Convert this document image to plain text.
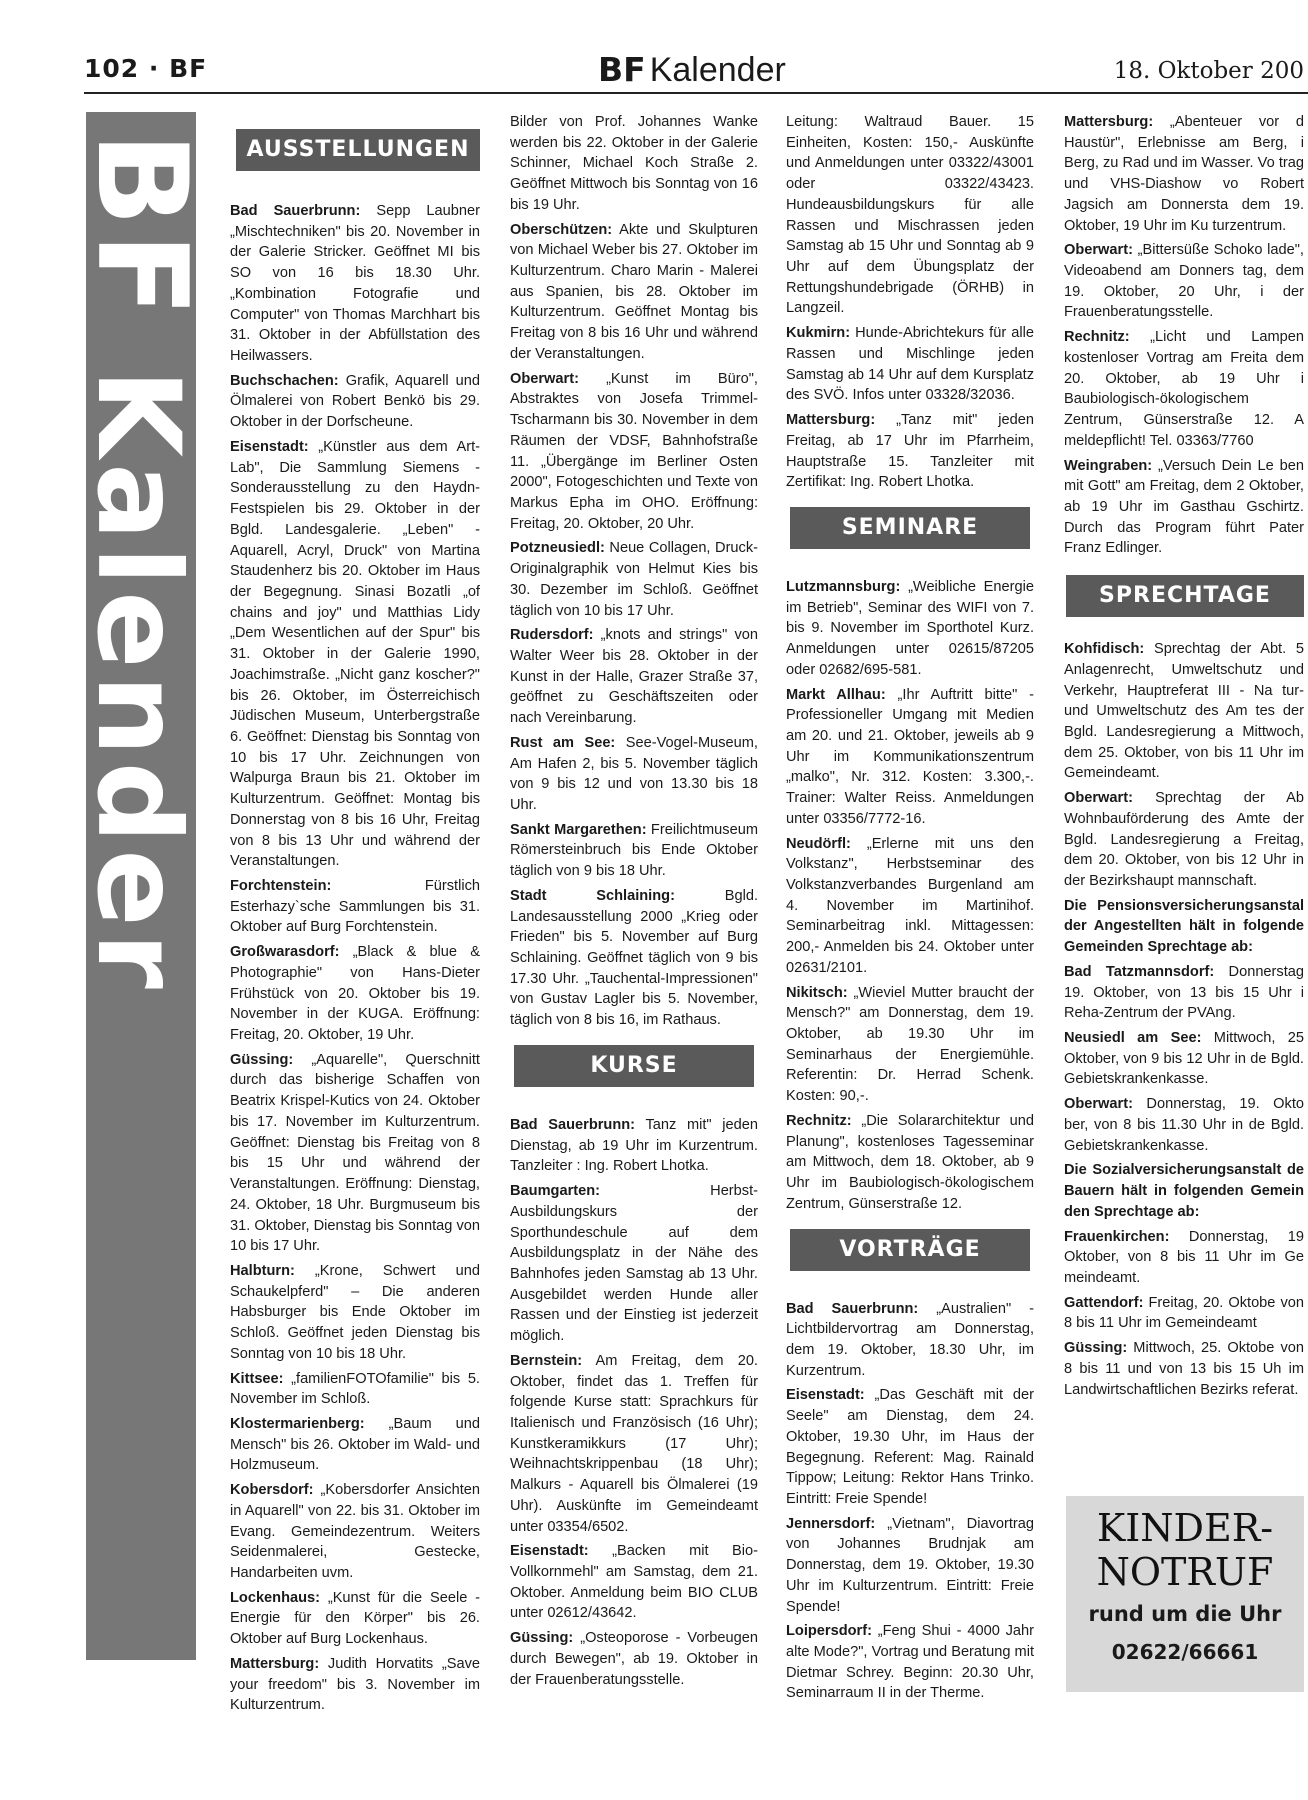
102 · BF	BF Kalender	18. Oktober 200
BF Kalender
AUSSTELLUNGEN

Bad Sauerbrunn: Sepp Laubner „Mischtechniken" bis 20. November in der Galerie Stricker. Geöffnet MI bis SO von 16 bis 18.30 Uhr. „Kombination Fotografie und Computer" von Thomas Marchhart bis 31. Oktober in der Abfüllstation des Heilwassers.

Buchschachen: Grafik, Aquarell und Ölmalerei von Robert Benkö bis 29. Oktober in der Dorfscheune.

Eisenstadt: „Künstler aus dem Art-Lab", Die Sammlung Siemens - Sonderausstellung zu den Haydn-Festspielen bis 29. Oktober in der Bgld. Landesgalerie. „Leben" - Aquarell, Acryl, Druck" von Martina Staudenherz bis 20. Oktober im Haus der Begegnung. Sinasi Bozatli „of chains and joy" und Matthias Lidy „Dem Wesentlichen auf der Spur" bis 31. Oktober in der Galerie 1990, Joachimstraße. „Nicht ganz koscher?" bis 26. Oktober, im Österreichisch Jüdischen Museum, Unterbergstraße 6. Geöffnet: Dienstag bis Sonntag von 10 bis 17 Uhr. Zeichnungen von Walpurga Braun bis 21. Oktober im Kulturzentrum. Geöffnet: Montag bis Donnerstag von 8 bis 16 Uhr, Freitag von 8 bis 13 Uhr und während der Veranstaltungen.

Forchtenstein: Fürstlich Esterhazy`sche Sammlungen bis 31. Oktober auf Burg Forchtenstein.

Großwarasdorf: „Black & blue & Photographie" von Hans-Dieter Frühstück von 20. Oktober bis 19. November in der KUGA. Eröffnung: Freitag, 20. Oktober, 19 Uhr.

Güssing: „Aquarelle", Querschnitt durch das bisherige Schaffen von Beatrix Krispel-Kutics von 24. Oktober bis 17. November im Kulturzentrum. Geöffnet: Dienstag bis Freitag von 8 bis 15 Uhr und während der Veranstaltungen. Eröffnung: Dienstag, 24. Oktober, 18 Uhr. Burgmuseum bis 31. Oktober, Dienstag bis Sonntag von 10 bis 17 Uhr.

Halbturn: „Krone, Schwert und Schaukelpferd" – Die anderen Habsburger bis Ende Oktober im Schloß. Geöffnet jeden Dienstag bis Sonntag von 10 bis 18 Uhr.

Kittsee: „familienFOTOfamilie" bis 5. November im Schloß.

Klostermarienberg: „Baum und Mensch" bis 26. Oktober im Wald- und Holzmuseum.

Kobersdorf: „Kobersdorfer Ansichten in Aquarell" von 22. bis 31. Oktober im Evang. Gemeindezentrum. Weiters Seidenmalerei, Gestecke, Handarbeiten uvm.

Lockenhaus: „Kunst für die Seele - Energie für den Körper" bis 26. Oktober auf Burg Lockenhaus.

Mattersburg: Judith Horvatits „Save your freedom" bis 3. November im Kulturzentrum.

Bilder von Prof. Johannes Wanke werden bis 22. Oktober in der Galerie Schinner, Michael Koch Straße 2. Geöffnet Mittwoch bis Sonntag von 16 bis 19 Uhr.

Oberschützen: Akte und Skulpturen von Michael Weber bis 27. Oktober im Kulturzentrum. Charo Marin - Malerei aus Spanien, bis 28. Oktober im Kulturzentrum. Geöffnet Montag bis Freitag von 8 bis 16 Uhr und während der Veranstaltungen.

Oberwart: „Kunst im Büro", Abstraktes von Josefa Trimmel-Tscharmann bis 30. November in dem Räumen der VDSF, Bahnhofstraße 11. „Übergänge im Berliner Osten 2000", Fotogeschichten und Texte von Markus Epha im OHO. Eröffnung: Freitag, 20. Oktober, 20 Uhr.

Potzneusiedl: Neue Collagen, Druck- Originalgraphik von Helmut Kies bis 30. Dezember im Schloß. Geöffnet täglich von 10 bis 17 Uhr.

Rudersdorf: „knots and strings" von Walter Weer bis 28. Oktober in der Kunst in der Halle, Grazer Straße 37, geöffnet zu Geschäftszeiten oder nach Vereinbarung.

Rust am See: See-Vogel-Museum, Am Hafen 2, bis 5. November täglich von 9 bis 12 und von 13.30 bis 18 Uhr.

Sankt Margarethen: Freilichtmuseum Römersteinbruch bis Ende Oktober täglich von 9 bis 18 Uhr.

Stadt Schlaining: Bgld. Landesausstellung 2000 „Krieg oder Frieden" bis 5. November auf Burg Schlaining. Geöffnet täglich von 9 bis 17.30 Uhr. „Tauchental-Impressionen" von Gustav Lagler bis 5. November, täglich von 8 bis 16, im Rathaus.

KURSE

Bad Sauerbrunn: Tanz mit" jeden Dienstag, ab 19 Uhr im Kurzentrum. Tanzleiter : Ing. Robert Lhotka.

Baumgarten: Herbst-Ausbildungskurs der Sporthundeschule auf dem Ausbildungsplatz in der Nähe des Bahnhofes jeden Samstag ab 13 Uhr. Ausgebildet werden Hunde aller Rassen und der Einstieg ist jederzeit möglich.

Bernstein: Am Freitag, dem 20. Oktober, findet das 1. Treffen für folgende Kurse statt: Sprachkurs für Italienisch und Französisch (16 Uhr); Kunstkeramikkurs (17 Uhr); Weihnachtskrippenbau (18 Uhr); Malkurs - Aquarell bis Ölmalerei (19 Uhr). Auskünfte im Gemeindeamt unter 03354/6502.

Eisenstadt: „Backen mit Bio-Vollkornmehl" am Samstag, dem 21. Oktober. Anmeldung beim BIO CLUB unter 02612/43642.

Güssing: „Osteoporose - Vorbeugen durch Bewegen", ab 19. Oktober in der Frauenberatungsstelle.

Leitung: Waltraud Bauer. 15 Einheiten, Kosten: 150,- Auskünfte und Anmeldungen unter 03322/43001 oder 03322/43423. Hundeausbildungskurs für alle Rassen und Mischrassen jeden Samstag ab 15 Uhr und Sonntag ab 9 Uhr auf dem Übungsplatz der Rettungshundebrigade (ÖRHB) in Langzeil.

Kukmirn: Hunde-Abrichtekurs für alle Rassen und Mischlinge jeden Samstag ab 14 Uhr auf dem Kursplatz des SVÖ. Infos unter 03328/32036.

Mattersburg: „Tanz mit" jeden Freitag, ab 17 Uhr im Pfarrheim, Hauptstraße 15. Tanzleiter mit Zertifikat: Ing. Robert Lhotka.

SEMINARE

Lutzmannsburg: „Weibliche Energie im Betrieb", Seminar des WIFI von 7. bis 9. November im Sporthotel Kurz. Anmeldungen unter 02615/87205 oder 02682/695-581.

Markt Allhau: „Ihr Auftritt bitte" - Professioneller Umgang mit Medien am 20. und 21. Oktober, jeweils ab 9 Uhr im Kommunikationszentrum „malko", Nr. 312. Kosten: 3.300,-. Trainer: Walter Reiss. Anmeldungen unter 03356/7772-16.

Neudörfl: „Erlerne mit uns den Volkstanz", Herbstseminar des Volkstanzverbandes Burgenland am 4. November im Martinihof. Seminarbeitrag inkl. Mittagessen: 200,- Anmelden bis 24. Oktober unter 02631/2101.

Nikitsch: „Wieviel Mutter braucht der Mensch?" am Donnerstag, dem 19. Oktober, ab 19.30 Uhr im Seminarhaus der Energiemühle. Referentin: Dr. Herrad Schenk. Kosten: 90,-.

Rechnitz: „Die Solararchitektur und Planung", kostenloses Tagesseminar am Mittwoch, dem 18. Oktober, ab 9 Uhr im Baubiologisch-ökologischem Zentrum, Günserstraße 12.

VORTRÄGE

Bad Sauerbrunn: „Australien" - Lichtbildervortrag am Donnerstag, dem 19. Oktober, 18.30 Uhr, im Kurzentrum.

Eisenstadt: „Das Geschäft mit der Seele" am Dienstag, dem 24. Oktober, 19.30 Uhr, im Haus der Begegnung. Referent: Mag. Rainald Tippow; Leitung: Rektor Hans Trinko. Eintritt: Freie Spende!

Jennersdorf: „Vietnam", Diavortrag von Johannes Brudnjak am Donnerstag, dem 19. Oktober, 19.30 Uhr im Kulturzentrum. Eintritt: Freie Spende!

Loipersdorf: „Feng Shui - 4000 Jahr alte Mode?", Vortrag und Beratung mit Dietmar Schrey. Beginn: 20.30 Uhr, Seminarraum II in der Therme.

Mattersburg: „Abenteuer vor d Haustür", Erlebnisse am Berg, i Berg, zu Rad und im Wasser. Vo trag und VHS-Diashow vo Robert Jagsich am Donnersta dem 19. Oktober, 19 Uhr im Ku turzentrum.

Oberwart: „Bittersüße Schoko lade", Videoabend am Donners tag, dem 19. Oktober, 20 Uhr, i der Frauenberatungsstelle.

Rechnitz: „Licht und Lampen kostenloser Vortrag am Freita dem 20. Oktober, ab 19 Uhr i Baubiologisch-ökologischem Zentrum, Günserstraße 12. A meldepflicht! Tel. 03363/7760

Weingraben: „Versuch Dein Le ben mit Gott" am Freitag, dem 2 Oktober, ab 19 Uhr im Gasthau Gschirtz. Durch das Program führt Pater Franz Edlinger.

SPRECHTAGE

Kohfidisch: Sprechtag der Abt. 5 Anlagenrecht, Umweltschutz und Verkehr, Hauptreferat III - Na tur- und Umweltschutz des Am tes der Bgld. Landesregierung a Mittwoch, dem 25. Oktober, von bis 11 Uhr im Gemeindeamt.

Oberwart: Sprechtag der Ab Wohnbauförderung des Amte der Bgld. Landesregierung a Freitag, dem 20. Oktober, von bis 12 Uhr in der Bezirkshaupt mannschaft.

Die Pensionsversicherungsanstal der Angestellten hält in folgende Gemeinden Sprechtage ab:

Bad Tatzmannsdorf: Donnerstag 19. Oktober, von 13 bis 15 Uhr i Reha-Zentrum der PVAng.

Neusiedl am See: Mittwoch, 25 Oktober, von 9 bis 12 Uhr in de Bgld. Gebietskrankenkasse.

Oberwart: Donnerstag, 19. Okto ber, von 8 bis 11.30 Uhr in de Bgld. Gebietskrankenkasse.

Die Sozialversicherungsanstalt de Bauern hält in folgenden Gemein den Sprechtage ab:

Frauenkirchen: Donnerstag, 19 Oktober, von 8 bis 11 Uhr im Ge meindeamt.

Gattendorf: Freitag, 20. Oktobe von 8 bis 11 Uhr im Gemeindeamt

Güssing: Mittwoch, 25. Oktobe von 8 bis 11 und von 13 bis 15 Uh im Landwirtschaftlichen Bezirks referat.

KINDER-
NOTRUF
rund um die Uhr
02622/66661
